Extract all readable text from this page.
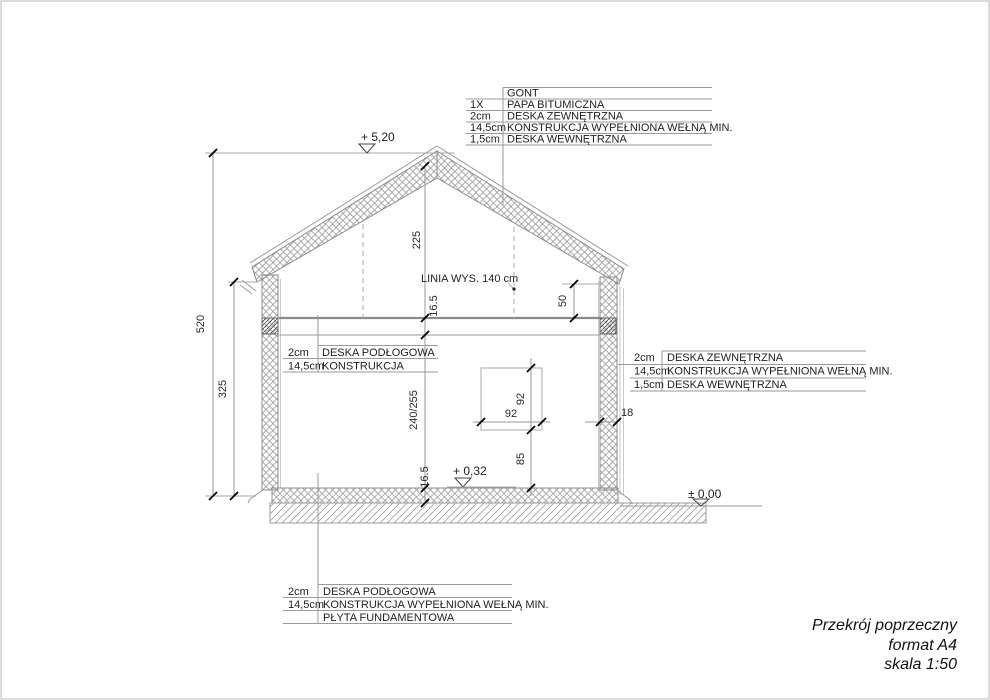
520
325
225
16.5
240/255
16.5
50
92
85
92	18
+ 5,20
+ 0,32
± 0,00
LINIA WYS. 140 cm
GONT
1X PAPA BITUMICZNA
2cm DESKA ZEWNĘTRZNA
14,5cm KONSTRUKCJA WYPEŁNIONA WEŁNĄ MIN.
1,5cm DESKA WEWNĘTRZNA
2cm DESKA PODŁOGOWA
14,5cm
KONSTRUKCJA
2cm DESKA ZEWNĘTRZNA
14,5cm
KONSTRUKCJA WYPEŁNIONA WEŁNĄ MIN.
1,5cm DESKA WEWNĘTRZNA
2cm DESKA PODŁOGOWA
14,5cm
KONSTRUKCJA WYPEŁNIONA WEŁNĄ MIN.
PŁYTA FUNDAMENTOWA	Przekrój poprzeczny
format A4
skala 1:50
